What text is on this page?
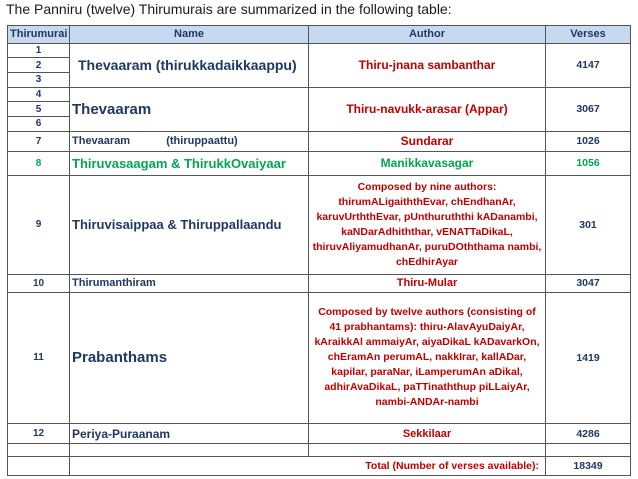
The Panniru (twelve) Thirumurais are summarized in the following table:
Thirumurai	Name	Author	Verses
1	Thevaaram (thirukkadaikkaappu)	Thiru-jnana sambanthar	4147
2			
3			
4	Thevaaram	Thiru-navukk-arasar (Appar)	3067
5			
6			
7	Thevaaram (thiruppaattu)	Sundarar	1026
8	Thiruvasaagam & ThirukkOvaiyaar	Manikkavasagar	1056
9	Thiruvisaippaa & Thiruppallaandu	Composed by nine authors: thirumALigaiththEvar, chEndhanAr, karuvUrththEvar, pUnthuruththi kADanambi, kaNDarAdhiththar, vENATTaDikaL, thiruvAliyamudhanAr, puruDOththama nambi, chEdhirAyar	301
10	Thirumanthiram	Thiru-Mular	3047
11	Prabanthams	Composed by twelve authors (consisting of 41 prabhantams): thiru-AlavAyuDaiyAr, kAraikkAl ammaiyAr, aiyaDikaL kADavarkOn, chEramAn perumAL, nakkIrar, kallADar, kapilar, paraNar, iLamperumAn aDikal, adhirAvaDikaL, paTTinaththup piLLaiyAr, nambi-ANDAr-nambi	1419
12	Periya-Puraanam	Sekkilaar	4286

	Total (Number of verses available):		18349
